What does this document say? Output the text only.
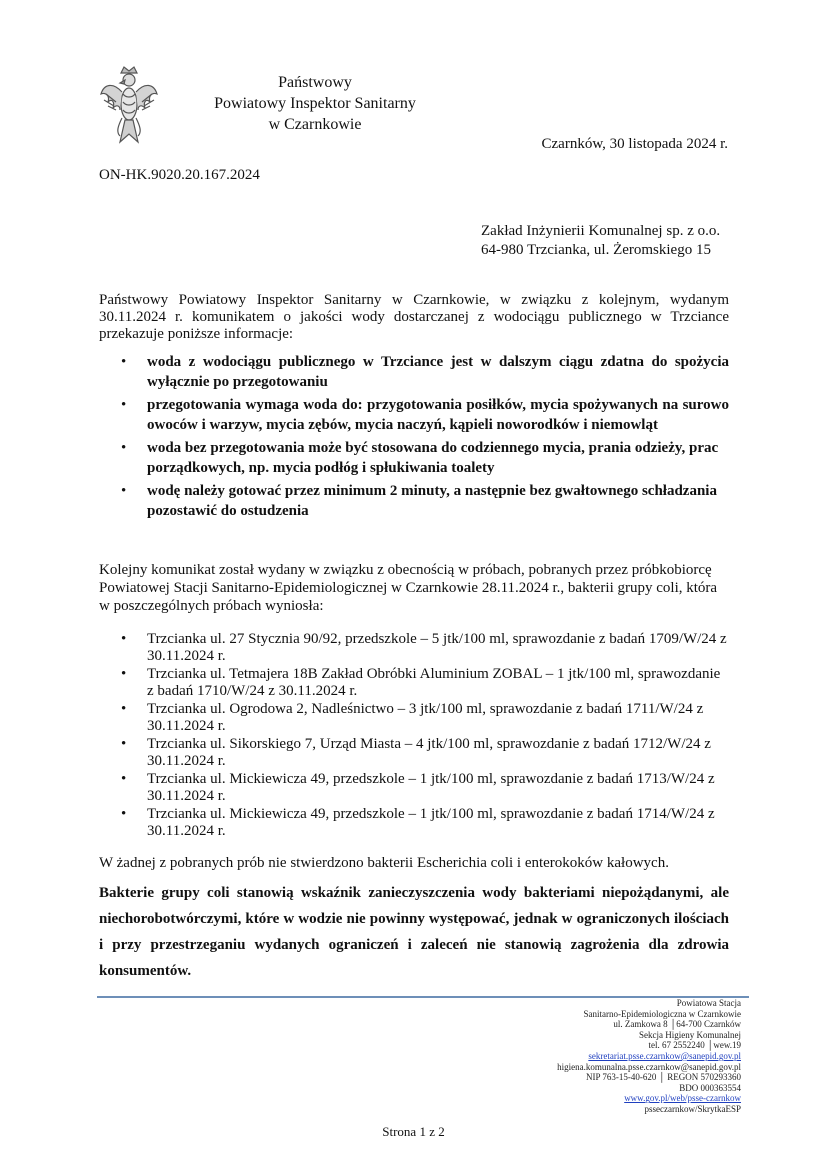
Państwowy
Powiatowy Inspektor Sanitarny
w Czarnkowie
Czarnków, 30 listopada 2024 r.
ON-HK.9020.20.167.2024
Zakład Inżynierii Komunalnej sp. z o.o.
64-980 Trzcianka, ul. Żeromskiego 15
Państwowy Powiatowy Inspektor Sanitarny w Czarnkowie, w związku z kolejnym, wydanym
30.11.2024 r. komunikatem o jakości wody dostarczanej z wodociągu publicznego w Trzciance
przekazuje poniższe informacje:
• woda z wodociągu publicznego w Trzciance jest w dalszym ciągu zdatna do spożycia wyłącznie po przegotowaniu
• przegotowania wymaga woda do: przygotowania posiłków, mycia spożywanych na surowo owoców i warzyw, mycia zębów, mycia naczyń, kąpieli noworodków i niemowląt
• woda bez przegotowania może być stosowana do codziennego mycia, prania odzieży, prac porządkowych, np. mycia podłóg i spłukiwania toalety
• wodę należy gotować przez minimum 2 minuty, a następnie bez gwałtownego schładzania pozostawić do ostudzenia
Kolejny komunikat został wydany w związku z obecnością w próbach, pobranych przez próbkobiorcę Powiatowej Stacji Sanitarno-Epidemiologicznej w Czarnkowie 28.11.2024 r., bakterii grupy coli, która w poszczególnych próbach wyniosła:
• Trzcianka ul. 27 Stycznia 90/92, przedszkole – 5 jtk/100 ml, sprawozdanie z badań 1709/W/24 z 30.11.2024 r.
• Trzcianka ul. Tetmajera 18B Zakład Obróbki Aluminium ZOBAL – 1 jtk/100 ml, sprawozdanie z badań 1710/W/24 z 30.11.2024 r.
• Trzcianka ul. Ogrodowa 2, Nadleśnictwo – 3 jtk/100 ml, sprawozdanie z badań 1711/W/24 z 30.11.2024 r.
• Trzcianka ul. Sikorskiego 7, Urząd Miasta – 4 jtk/100 ml, sprawozdanie z badań 1712/W/24 z 30.11.2024 r.
• Trzcianka ul. Mickiewicza 49, przedszkole – 1 jtk/100 ml, sprawozdanie z badań 1713/W/24 z 30.11.2024 r.
• Trzcianka ul. Mickiewicza 49, przedszkole – 1 jtk/100 ml, sprawozdanie z badań 1714/W/24 z 30.11.2024 r.
W żadnej z pobranych prób nie stwierdzono bakterii Escherichia coli i enterokoków kałowych.
Bakterie grupy coli stanowią wskaźnik zanieczyszczenia wody bakteriami niepożądanymi, ale niechorobotwórczymi, które w wodzie nie powinny występować, jednak w ograniczonych ilościach i przy przestrzeganiu wydanych ograniczeń i zaleceń nie stanowią zagrożenia dla zdrowia konsumentów.
Powiatowa Stacja
Sanitarno-Epidemiologiczna w Czarnkowie
ul. Zamkowa 8 │64-700 Czarnków
Sekcja Higieny Komunalnej
tel. 67 2552240 │wew.19
sekretariat.psse.czarnkow@sanepid.gov.pl
higiena.komunalna.psse.czarnkow@sanepid.gov.pl
NIP 763-15-40-620 │ REGON 570293360
BDO 000363554
www.gov.pl/web/psse-czarnkow
psseczarnkow/SkrytkaESP
Strona 1 z 2
